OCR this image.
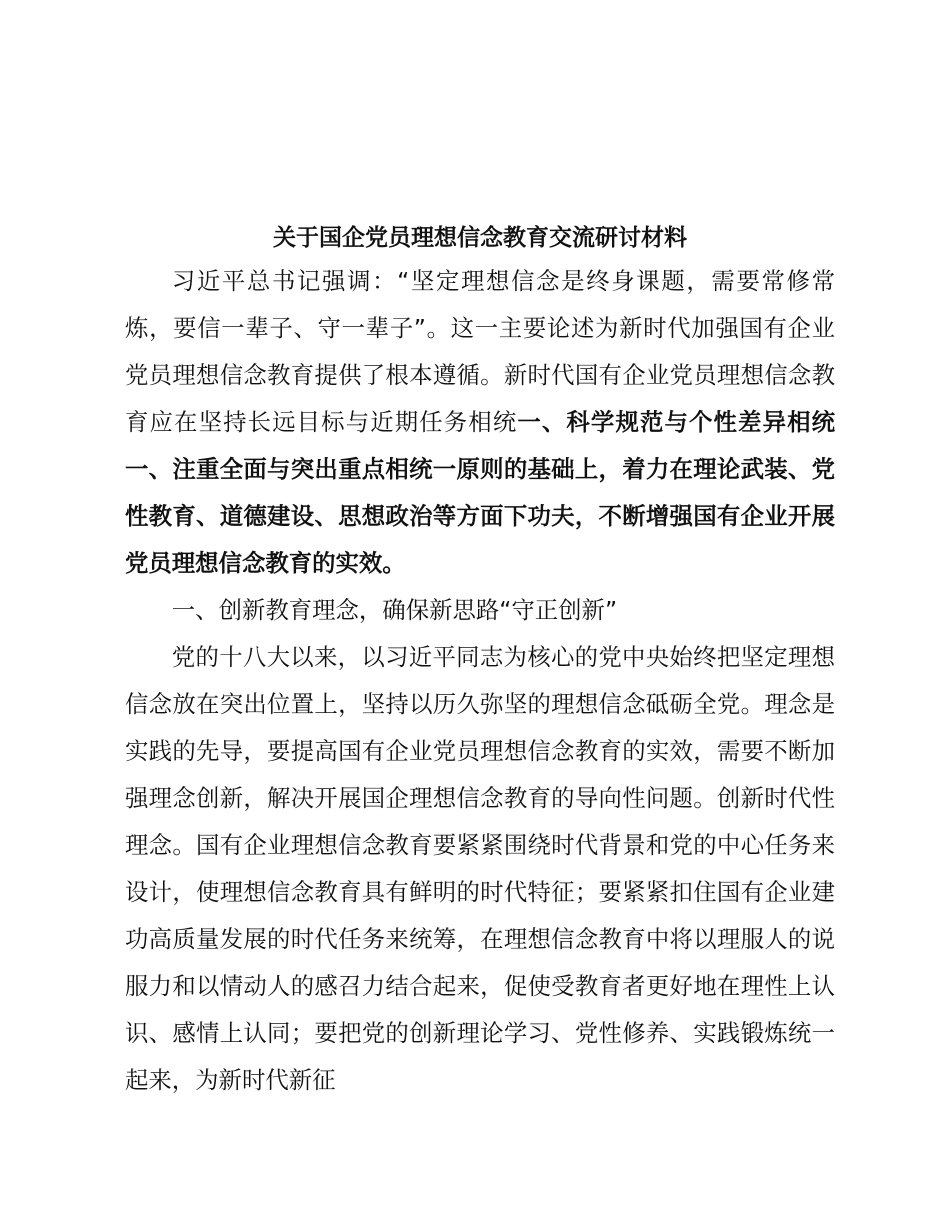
关于国企党员理想信念教育交流研讨材料

习近平总书记强调：“坚定理想信念是终身课题，需要常修常炼，要信一辈子、守一辈子”。这一主要论述为新时代加强国有企业党员理想信念教育提供了根本遵循。新时代国有企业党员理想信念教育应在坚持长远目标与近期任务相统一、科学规范与个性差异相统一、注重全面与突出重点相统一原则的基础上，着力在理论武装、党性教育、道德建设、思想政治等方面下功夫，不断增强国有企业开展党员理想信念教育的实效。

一、创新教育理念，确保新思路“守正创新”

党的十八大以来，以习近平同志为核心的党中央始终把坚定理想信念放在突出位置上，坚持以历久弥坚的理想信念砥砺全党。理念是实践的先导，要提高国有企业党员理想信念教育的实效，需要不断加强理念创新，解决开展国企理想信念教育的导向性问题。创新时代性理念。国有企业理想信念教育要紧紧围绕时代背景和党的中心任务来设计，使理想信念教育具有鲜明的时代特征；要紧紧扣住国有企业建功高质量发展的时代任务来统筹，在理想信念教育中将以理服人的说服力和以情动人的感召力结合起来，促使受教育者更好地在理性上认识、感情上认同；要把党的创新理论学习、党性修养、实践锻炼统一起来，为新时代新征
